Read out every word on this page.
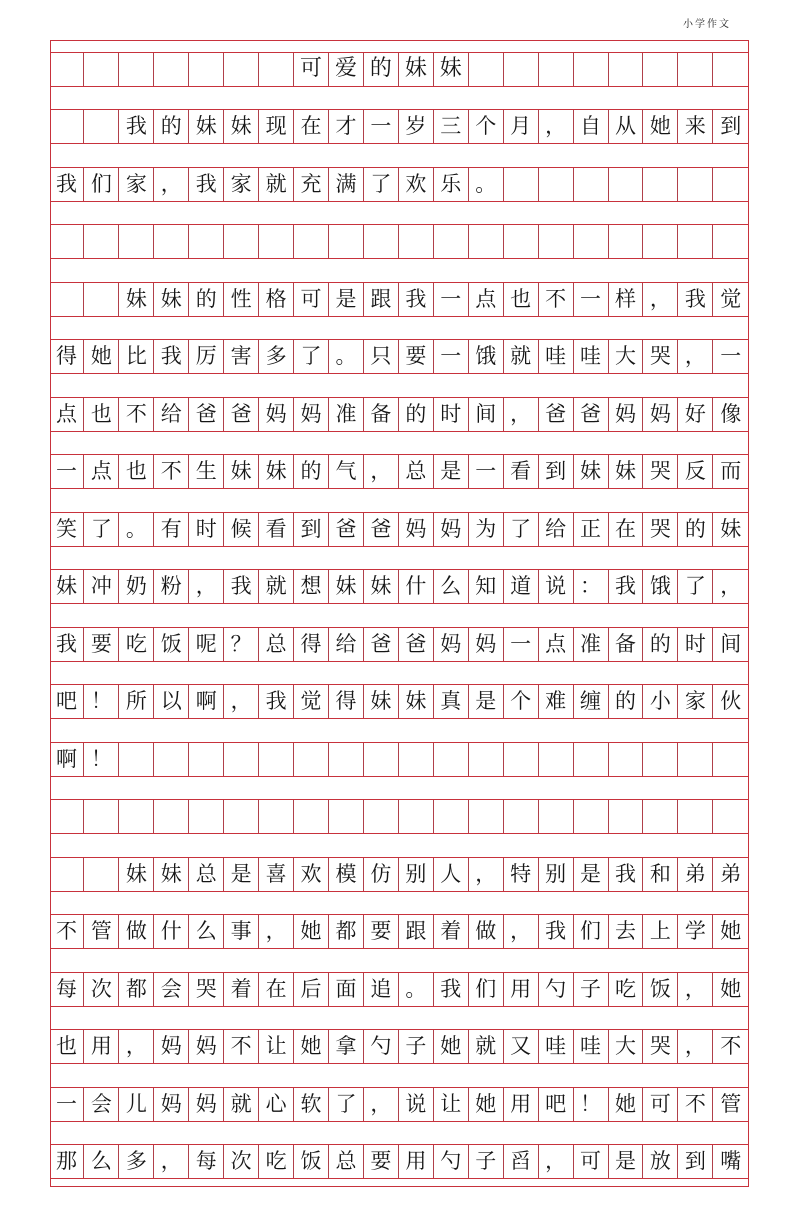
小学作文
可 爱 的 妹 妹
我 的 妹 妹 现 在 才 一 岁 三 个 月 ， 自 从 她 来 到
我 们 家 ， 我 家 就 充 满 了 欢 乐 。
妹 妹 的 性 格 可 是 跟 我 一 点 也 不 一 样 ， 我 觉
得 她 比 我 厉 害 多 了 。 只 要 一 饿 就 哇 哇 大 哭 ， 一
点 也 不 给 爸 爸 妈 妈 准 备 的 时 间 ， 爸 爸 妈 妈 好 像
一 点 也 不 生 妹 妹 的 气 ， 总 是 一 看 到 妹 妹 哭 反 而
笑 了 。 有 时 候 看 到 爸 爸 妈 妈 为 了 给 正 在 哭 的 妹
妹 冲 奶 粉 ， 我 就 想 妹 妹 什 么 知 道 说 ： 我 饿 了 ，
我 要 吃 饭 呢 ？ 总 得 给 爸 爸 妈 妈 一 点 准 备 的 时 间
吧 ！ 所 以 啊 ， 我 觉 得 妹 妹 真 是 个 难 缠 的 小 家 伙
啊 ！
妹 妹 总 是 喜 欢 模 仿 别 人 ， 特 别 是 我 和 弟 弟
不 管 做 什 么 事 ， 她 都 要 跟 着 做 ， 我 们 去 上 学 她
每 次 都 会 哭 着 在 后 面 追 。 我 们 用 勺 子 吃 饭 ， 她
也 用 ， 妈 妈 不 让 她 拿 勺 子 她 就 又 哇 哇 大 哭 ， 不
一 会 儿 妈 妈 就 心 软 了 ， 说 让 她 用 吧 ！ 她 可 不 管
那 么 多 ， 每 次 吃 饭 总 要 用 勺 子 舀 ， 可 是 放 到 嘴
